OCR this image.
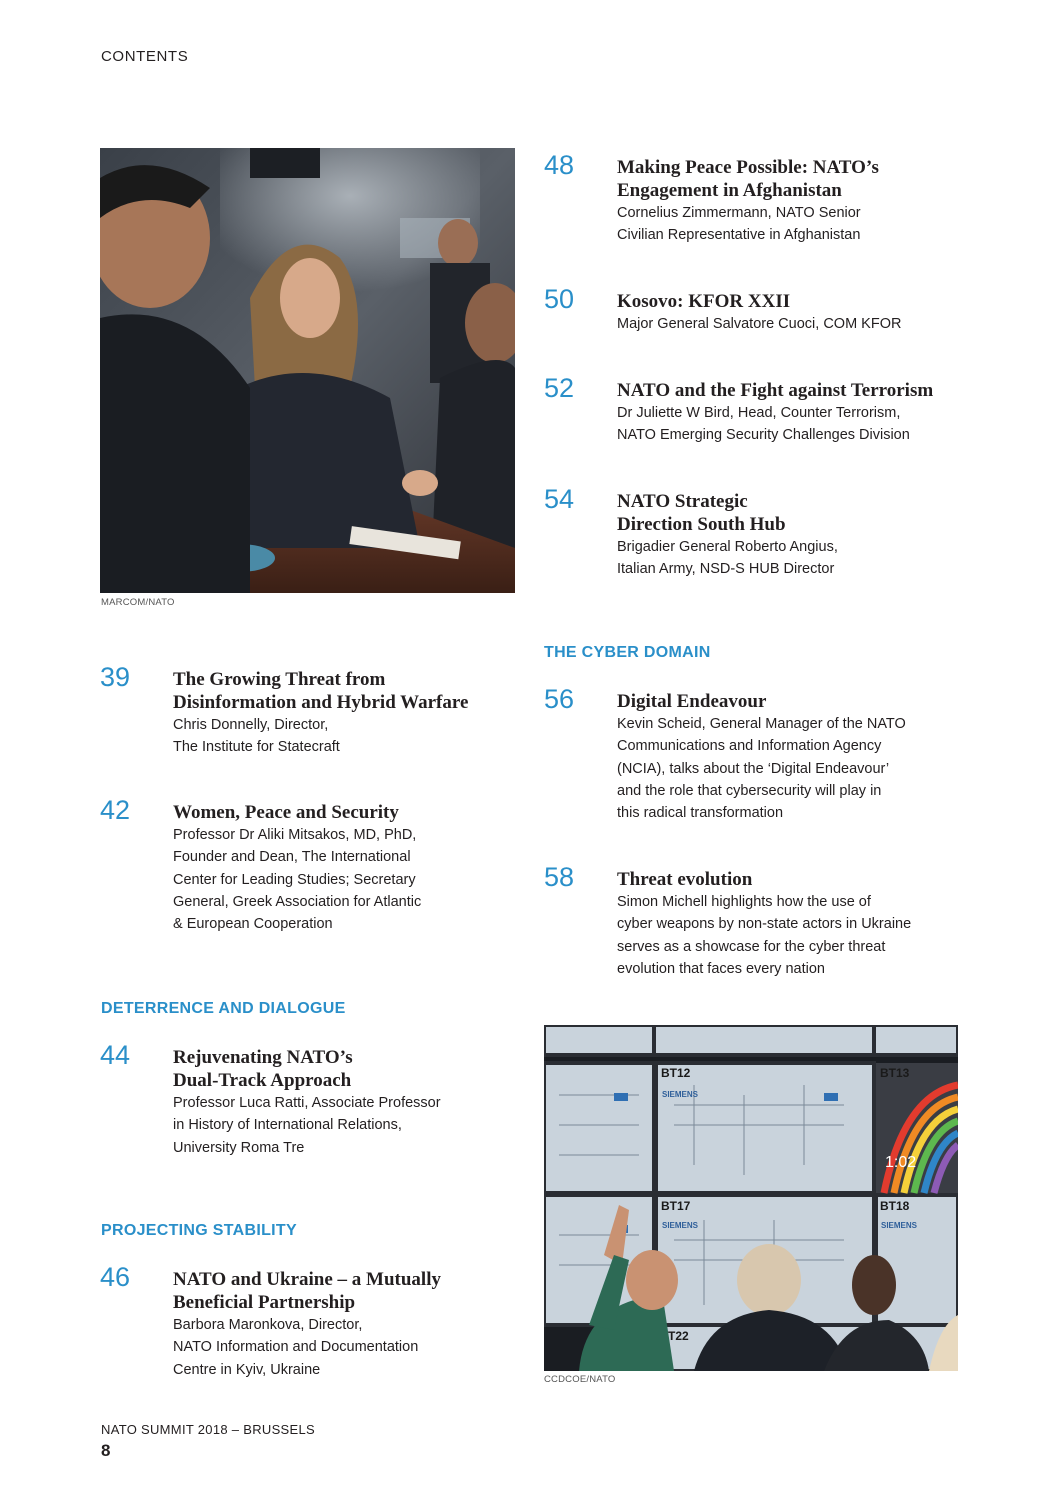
CONTENTS
MARCOM/NATO
48 Making Peace Possible: NATO’s
Engagement in Afghanistan
Cornelius Zimmermann, NATO Senior
Civilian Representative in Afghanistan
50 Kosovo: KFOR XXII
Major General Salvatore Cuoci, COM KFOR
52 NATO and the Fight against Terrorism
Dr Juliette W Bird, Head, Counter Terrorism,
NATO Emerging Security Challenges Division
54 NATO Strategic
Direction South Hub
Brigadier General Roberto Angius,
Italian Army, NSD-S HUB Director
THE CYBER DOMAIN
56 Digital Endeavour
Kevin Scheid, General Manager of the NATO
Communications and Information Agency
(NCIA), talks about the ‘Digital Endeavour’
and the role that cybersecurity will play in
this radical transformation
58 Threat evolution
Simon Michell highlights how the use of
cyber weapons by non-state actors in Ukraine
serves as a showcase for the cyber threat
evolution that faces every nation
39 The Growing Threat from
Disinformation and Hybrid Warfare
Chris Donnelly, Director,
The Institute for Statecraft
42 Women, Peace and Security
Professor Dr Aliki Mitsakos, MD, PhD,
Founder and Dean, The International
Center for Leading Studies; Secretary
General, Greek Association for Atlantic
& European Cooperation
DETERRENCE AND DIALOGUE
44 Rejuvenating NATO’s
Dual-Track Approach
Professor Luca Ratti, Associate Professor
in History of International Relations,
University Roma Tre
PROJECTING STABILITY
46 NATO and Ukraine – a Mutually
Beneficial Partnership
Barbora Maronkova, Director,
NATO Information and Documentation
Centre in Kyiv, Ukraine
1:02
BT12	BT13
BT17	BT18
T22
SIEMENS
SIEMENS	SIEMENS
CCDCOE/NATO
NATO SUMMIT 2018 – BRUSSELS
8
